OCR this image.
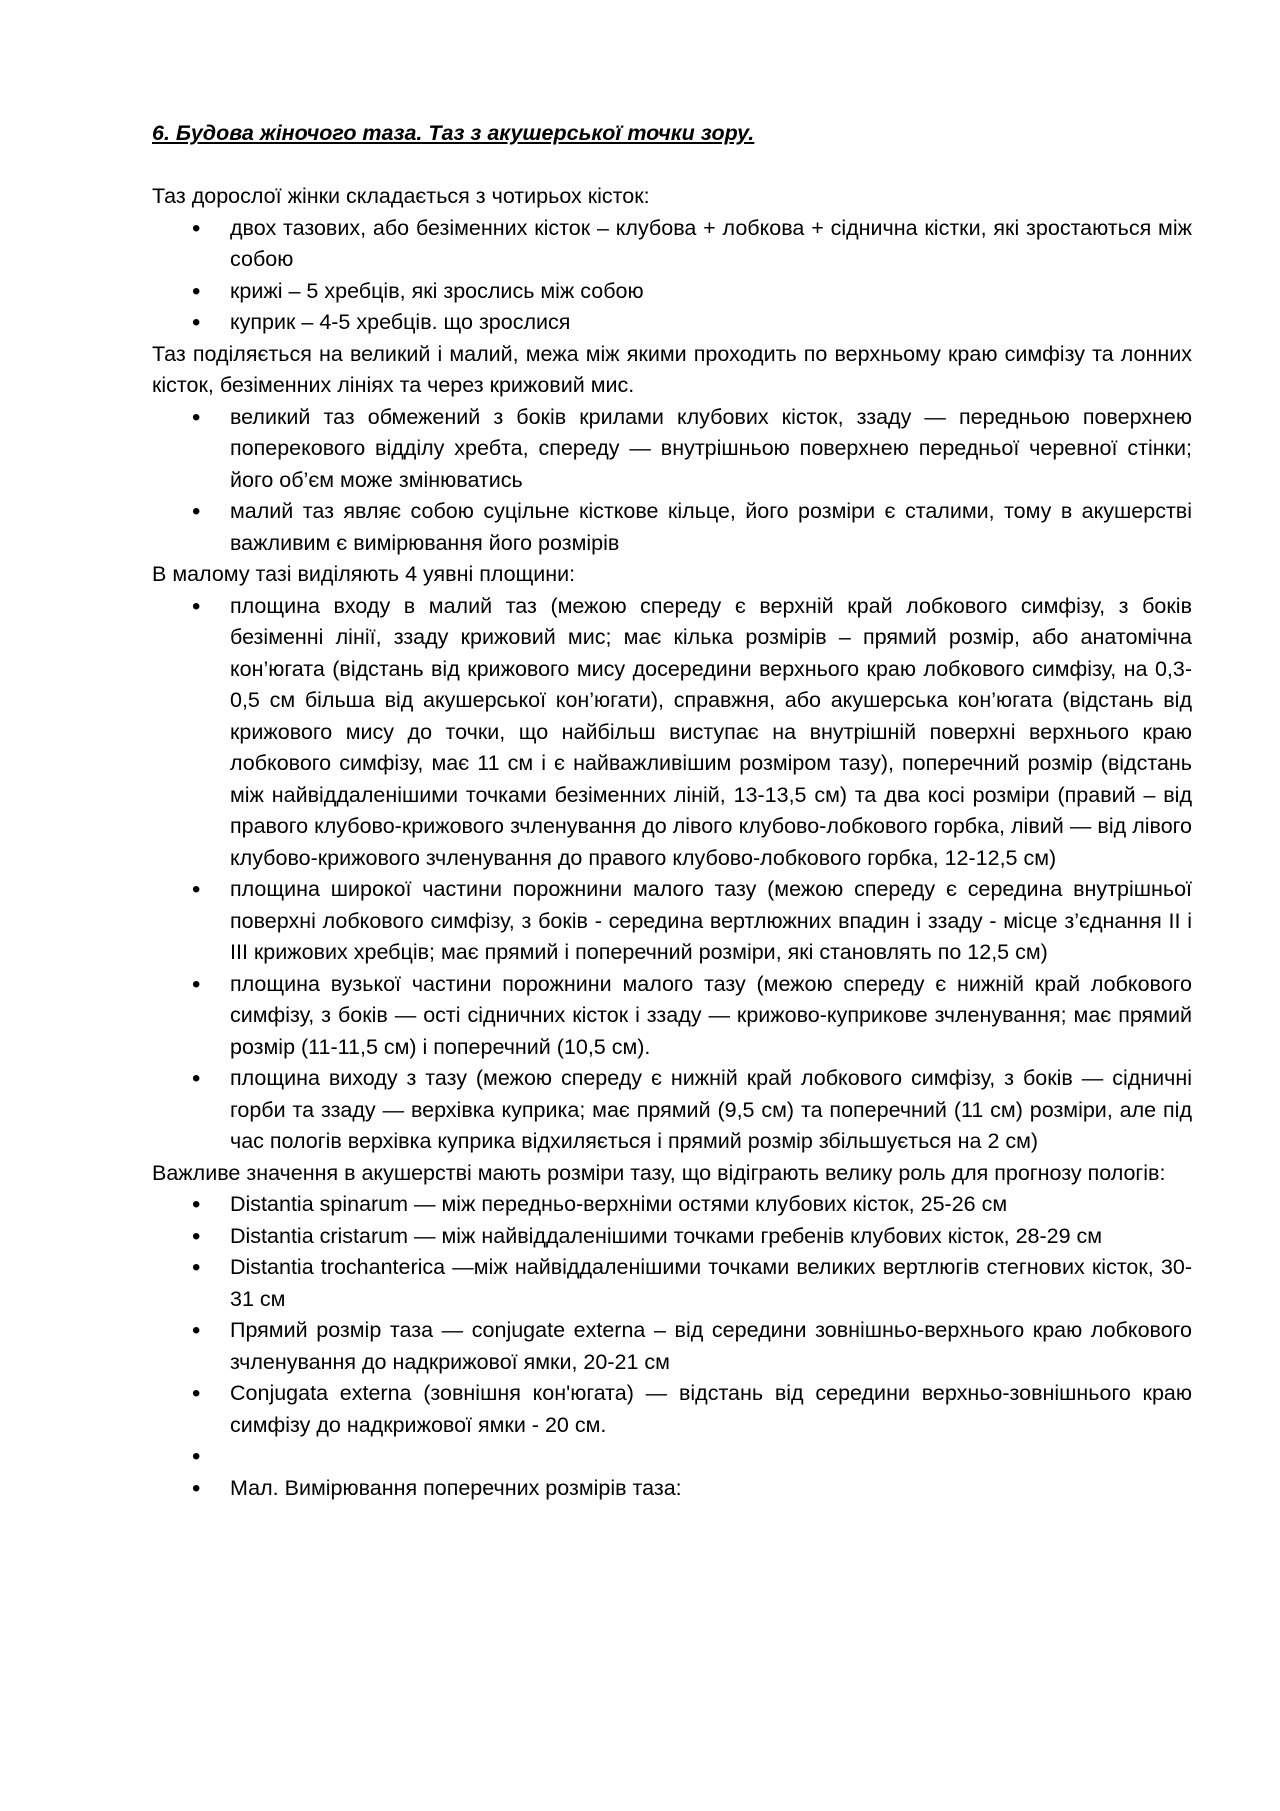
6. Будова жіночого таза. Таз з акушерської точки зору.

Таз дорослої жінки складається з чотирьох кісток:

•
двох тазових, або безіменних кісток – клубова + лобкова + сіднична кістки, які зростаються між собою
•
крижі – 5 хребців, які зрослись між собою
•
куприк – 4-5 хребців. що зрослися

Таз поділяється на великий і малий, межа між якими проходить по верхньому краю симфізу та лонних кісток, безіменних лініях та через крижовий мис.

•
великий таз обмежений з боків крилами клубових кісток, ззаду — передньою поверхнею поперекового відділу хребта, спереду — внутрішньою поверхнею передньої черевної стінки; його об’єм може змінюватись
•
малий таз являє собою суцільне кісткове кільце, його розміри є сталими, тому в акушерстві важливим є вимірювання його розмірів

В малому тазі виділяють 4 уявні площини:

•
площина входу в малий таз (межою спереду є верхній край лобкового симфізу, з боків безіменні лінії, ззаду крижовий мис; має кілька розмірів – прямий розмір, або анатомічна кон’югата (відстань від крижового мису досередини верхнього краю лобкового симфізу, на 0,3-0,5 см більша від акушерської кон’югати), справжня, або акушерська кон’югата (відстань від крижового мису до точки, що найбільш виступає на внутрішній поверхні верхнього краю лобкового симфізу, має 11 см і є найважливішим розміром тазу), поперечний розмір (відстань між найвіддаленішими точками безіменних ліній, 13-13,5 см) та два косі розміри (правий – від правого клубово-крижового зчленування до лівого клубово-лобкового горбка, лівий — від лівого клубово-крижового зчленування до правого клубово-лобкового горбка, 12-12,5 см)
•
площина широкої частини порожнини малого тазу (межою спереду є середина внутрішньої поверхні лобкового симфізу, з боків - середина вертлюжних впадин і ззаду - місце з’єднання II і III крижових хребців; має прямий і поперечний розміри, які становлять по 12,5 см)
•
площина вузької частини порожнини малого тазу (межою спереду є нижній край лобкового симфізу, з боків — ості сідничних кісток і ззаду — крижово-куприкове зчленування; має прямий розмір (11-11,5 см) і поперечний (10,5 см).
•
площина виходу з тазу (межою спереду є нижній край лобкового симфізу, з боків — сідничні горби та ззаду — верхівка куприка; має прямий (9,5 см) та поперечний (11 см) розміри, але під час пологів верхівка куприка відхиляється і прямий розмір збільшується на 2 см)

Важливе значення в акушерстві мають розміри тазу, що відіграють велику роль для прогнозу пологів:

•
Distantia spinarum — між передньо-верхніми остями клубових кісток, 25-26 см
•
Distantia cristarum — між найвіддаленішими точками гребенів клубових кісток, 28-29 см
•
Distantia trochanterica —між найвіддаленішими точками великих вертлюгів стегнових кісток, 30-31 см
•
Прямий розмір таза — conjugate externa – від середини зовнішньо-верхнього краю лобкового зчленування до надкрижової ямки, 20-21 см
•
Conjugata externa (зовнішня кон'югата) — відстань від середини верхньо-зовнішнього краю симфізу до надкрижової ямки - 20 см.
•
•
Мал. Вимірювання поперечних розмірів таза:
